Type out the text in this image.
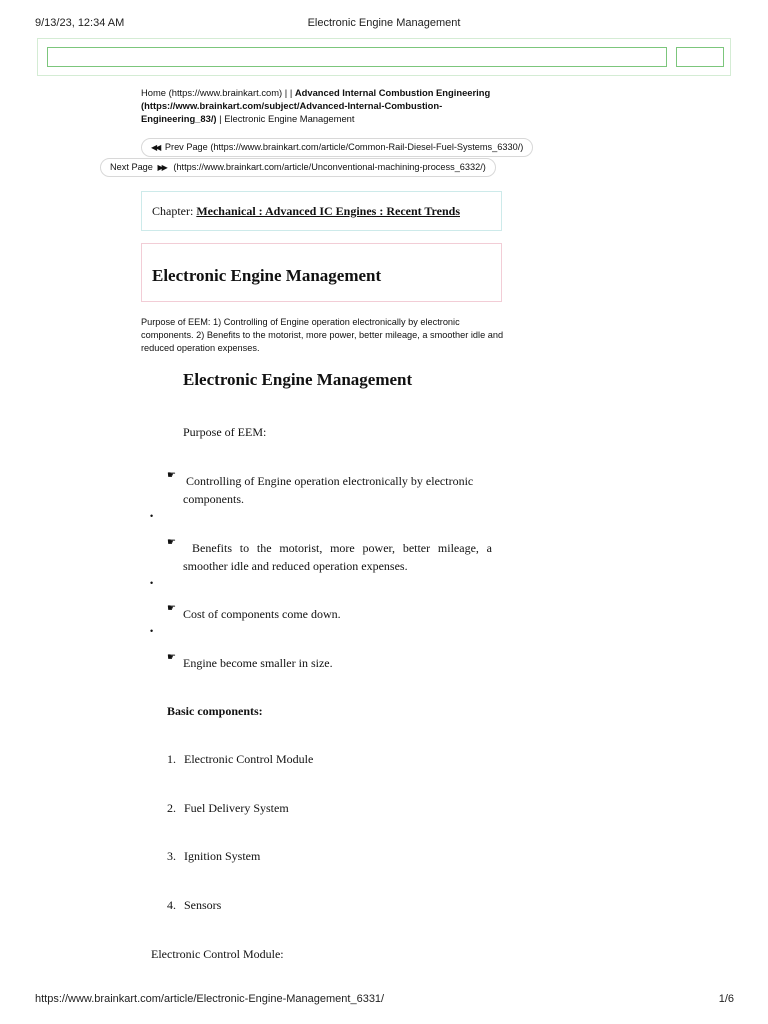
9/13/23, 12:34 AM	Electronic Engine Management
Home (https://www.brainkart.com) | | Advanced Internal Combustion Engineering (https://www.brainkart.com/subject/Advanced-Internal-Combustion-Engineering_83/) | Electronic Engine Management
◀◀ Prev Page (https://www.brainkart.com/article/Common-Rail-Diesel-Fuel-Systems_6330/)
Next Page ▶▶ (https://www.brainkart.com/article/Unconventional-machining-process_6332/)
Chapter: Mechanical : Advanced IC Engines : Recent Trends
Electronic Engine Management
Purpose of EEM: 1) Controlling of Engine operation electronically by electronic components. 2) Benefits to the motorist, more power, better mileage, a smoother idle and reduced operation expenses.
Electronic Engine Management
Purpose of EEM:
☛ Controlling of Engine operation electronically by electronic
components.
•
☛ Benefits to the motorist, more power, better mileage, a
smoother idle and reduced operation expenses.
•
☛ Cost of components come down.
•
☛ Engine become smaller in size.
Basic components:
1. Electronic Control Module
2. Fuel Delivery System
3. Ignition System
4. Sensors
Electronic Control Module:
https://www.brainkart.com/article/Electronic-Engine-Management_6331/	1/6
